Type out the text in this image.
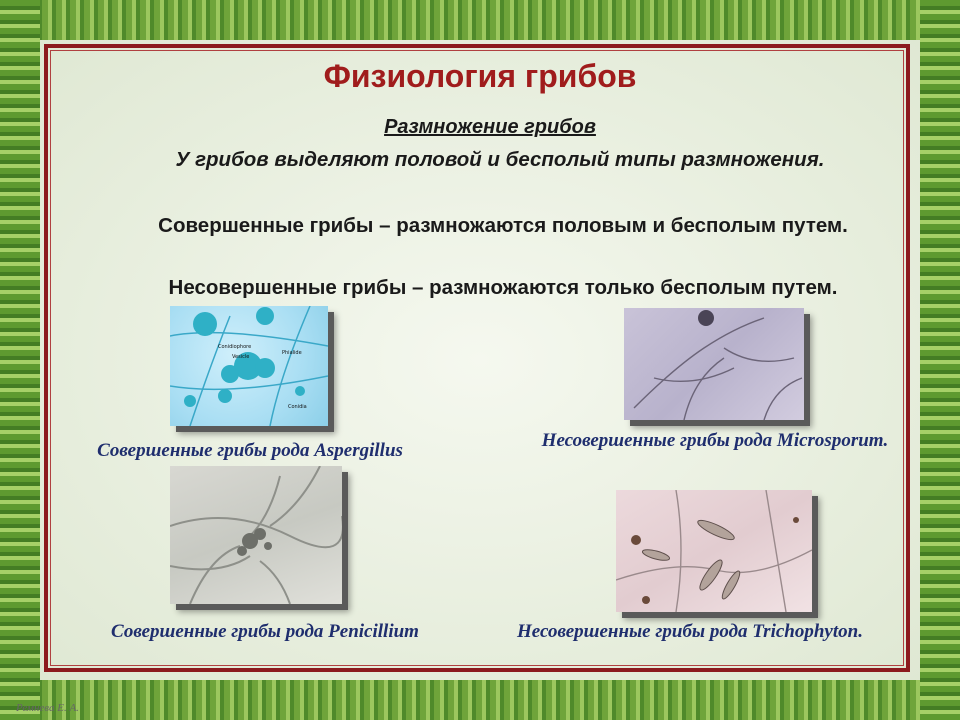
Физиология грибов
Размножение грибов
У грибов выделяют половой и бесполый типы размножения.
Совершенные грибы – размножаются половым и бесполым путем.
Несовершенные грибы – размножаются только бесполым путем.
Conidiophore
Vesicle
Phialide
Conidia
Совершенные грибы рода Aspergillus	Несовершенные грибы рода Microsporum.
Совершенные грибы рода Penicillium	Несовершенные грибы рода Trichophyton.
Ремнева Е. А.
